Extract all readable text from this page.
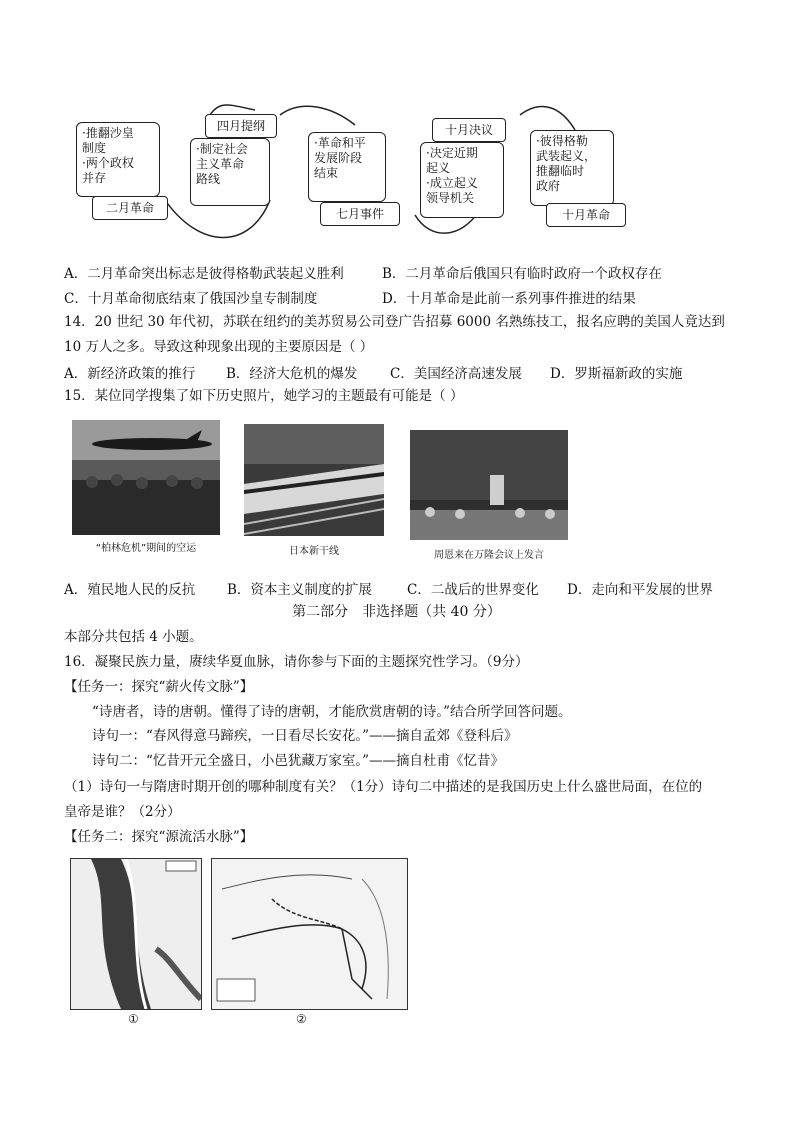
·推翻沙皇
制度
·两个政权
并存
二月革命
四月提纲
·制定社会
主义革命
路线
·革命和平
发展阶段
结束
七月事件
十月决议
·决定近期
起义
·成立起义
领导机关
·彼得格勒
武装起义，
推翻临时
政府
十月革命
A．二月革命突出标志是彼得格勒武装起义胜利	B．二月革命后俄国只有临时政府一个政权存在
C．十月革命彻底结束了俄国沙皇专制制度	D．十月革命是此前一系列事件推进的结果
14．20 世纪 30 年代初，苏联在纽约的美苏贸易公司登广告招募 6000 名熟练技工，报名应聘的美国人竟达到
10 万人之多。导致这种现象出现的主要原因是（ ）
A．新经济政策的推行 B．经济大危机的爆发 C．美国经济高速发展 D．罗斯福新政的实施
15．某位同学搜集了如下历史照片，她学习的主题最有可能是（ ）
“柏林危机”期间的空运	日本新干线	周恩来在万隆会议上发言
A．殖民地人民的反抗 B．资本主义制度的扩展	C．二战后的世界变化 D．走向和平发展的世界
第二部分　非选择题（共 40 分）
本部分共包括 4 小题。
16．凝聚民族力量，赓续华夏血脉，请你参与下面的主题探究性学习。（9分）
【任务一：探究“薪火传文脉”】
“诗唐者，诗的唐朝。懂得了诗的唐朝，才能欣赏唐朝的诗。”结合所学回答问题。
诗句一：“春风得意马蹄疾，一日看尽长安花。”——摘自孟郊《登科后》
诗句二：“忆昔开元全盛日，小邑犹藏万家室。”——摘自杜甫《忆昔》
（1）诗句一与隋唐时期开创的哪种制度有关？（1分）诗句二中描述的是我国历史上什么盛世局面，在位的
皇帝是谁？（2分）
【任务二：探究“源流活水脉”】
①	②
